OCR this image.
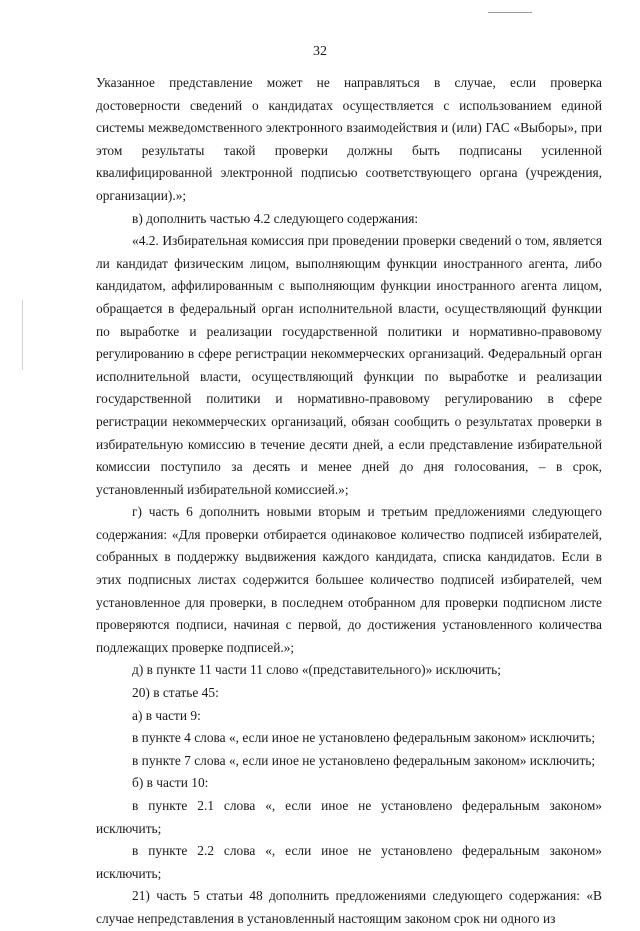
32

Указанное представление может не направляться в случае, если проверка достоверности сведений о кандидатах осуществляется с использованием единой системы межведомственного электронного взаимодействия и (или) ГАС «Выборы», при этом результаты такой проверки должны быть подписаны усиленной квалифицированной электронной подписью соответствующего органа (учреждения, организации).»;

в) дополнить частью 4.2 следующего содержания:

«4.2. Избирательная комиссия при проведении проверки сведений о том, является ли кандидат физическим лицом, выполняющим функции иностранного агента, либо кандидатом, аффилированным с выполняющим функции иностранного агента лицом, обращается в федеральный орган исполнительной власти, осуществляющий функции по выработке и реализации государственной политики и нормативно-правовому регулированию в сфере регистрации некоммерческих организаций. Федеральный орган исполнительной власти, осуществляющий функции по выработке и реализации государственной политики и нормативно-правовому регулированию в сфере регистрации некоммерческих организаций, обязан сообщить о результатах проверки в избирательную комиссию в течение десяти дней, а если представление избирательной комиссии поступило за десять и менее дней до дня голосования, – в срок, установленный избирательной комиссией.»;

г) часть 6 дополнить новыми вторым и третьим предложениями следующего содержания: «Для проверки отбирается одинаковое количество подписей избирателей, собранных в поддержку выдвижения каждого кандидата, списка кандидатов. Если в этих подписных листах содержится большее количество подписей избирателей, чем установленное для проверки, в последнем отобранном для проверки подписном листе проверяются подписи, начиная с первой, до достижения установленного количества подлежащих проверке подписей.»;

д) в пункте 11 части 11 слово «(представительного)» исключить;

20) в статье 45:

а) в части 9:

в пункте 4 слова «, если иное не установлено федеральным законом» исключить;

в пункте 7 слова «, если иное не установлено федеральным законом» исключить;

б) в части 10:

в пункте 2.1 слова «, если иное не установлено федеральным законом» исключить;

в пункте 2.2 слова «, если иное не установлено федеральным законом» исключить;

21) часть 5 статьи 48 дополнить предложениями следующего содержания: «В случае непредставления в установленный настоящим законом срок ни одного из
